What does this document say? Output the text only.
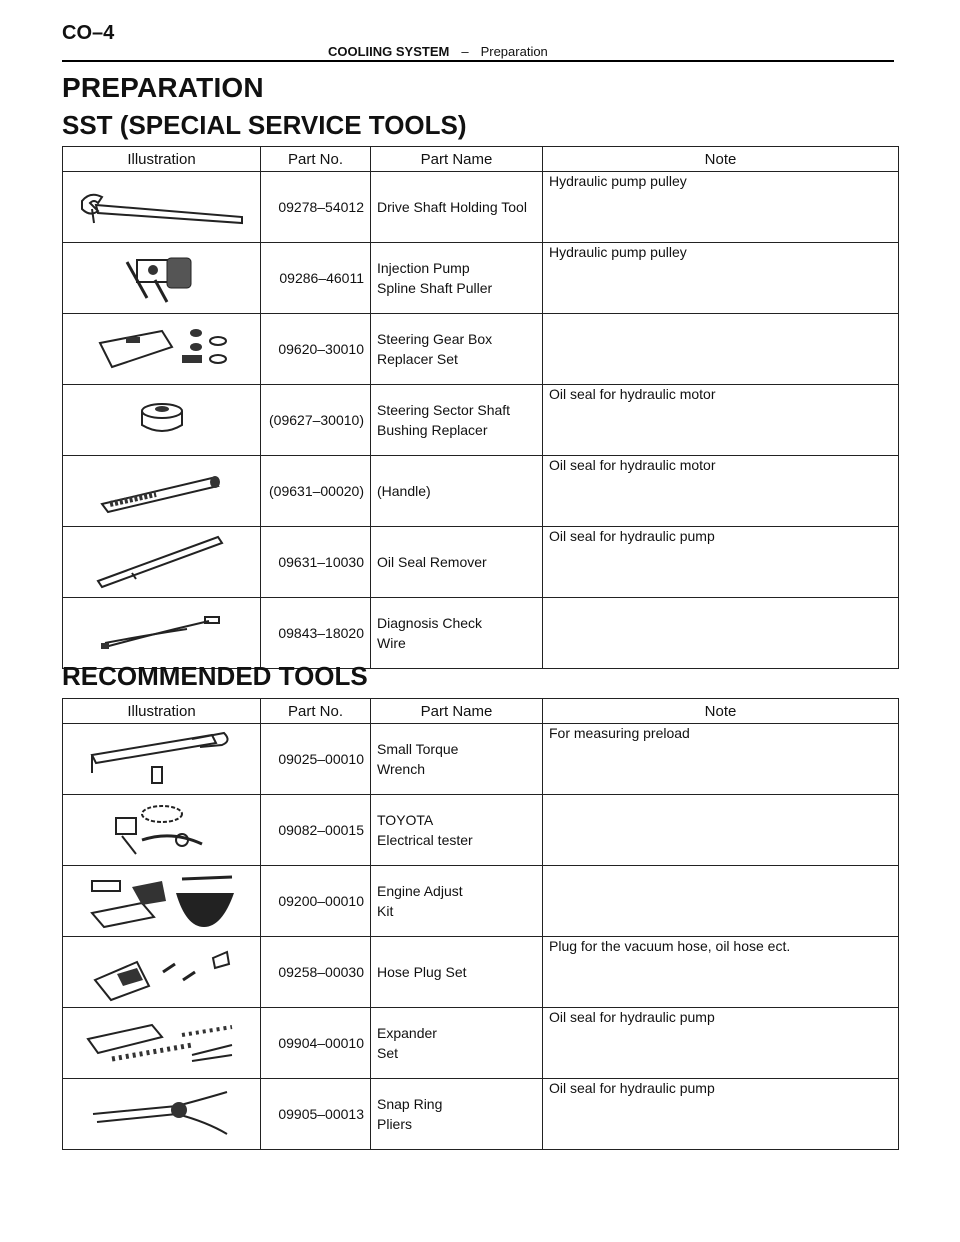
CO–4
COOLIING SYSTEM – Preparation
PREPARATION
SST (SPECIAL SERVICE TOOLS)
Illustration	Part No.	Part Name	Note

	09278–54012	Drive Shaft Holding Tool	Hydraulic pump pulley

	09286–46011	Injection Pump
Spline Shaft Puller	Hydraulic pump pulley

	09620–30010	Steering Gear Box
Replacer Set	

	(09627–30010)	Steering Sector Shaft
Bushing Replacer	Oil seal for hydraulic motor

	(09631–00020)	(Handle)	Oil seal for hydraulic motor

	09631–10030	Oil Seal Remover	Oil seal for hydraulic pump

	09843–18020	Diagnosis Check
Wire	

RECOMMENDED TOOLS
Illustration	Part No.	Part Name	Note

	09025–00010	Small Torque
Wrench	For measuring preload

	09082–00015	TOYOTA
Electrical tester	

	09200–00010	Engine Adjust
Kit	

	09258–00030	Hose Plug Set	Plug for the vacuum hose, oil hose ect.

	09904–00010	Expander
Set	Oil seal for hydraulic pump

	09905–00013	Snap Ring
Pliers	Oil seal for hydraulic pump
